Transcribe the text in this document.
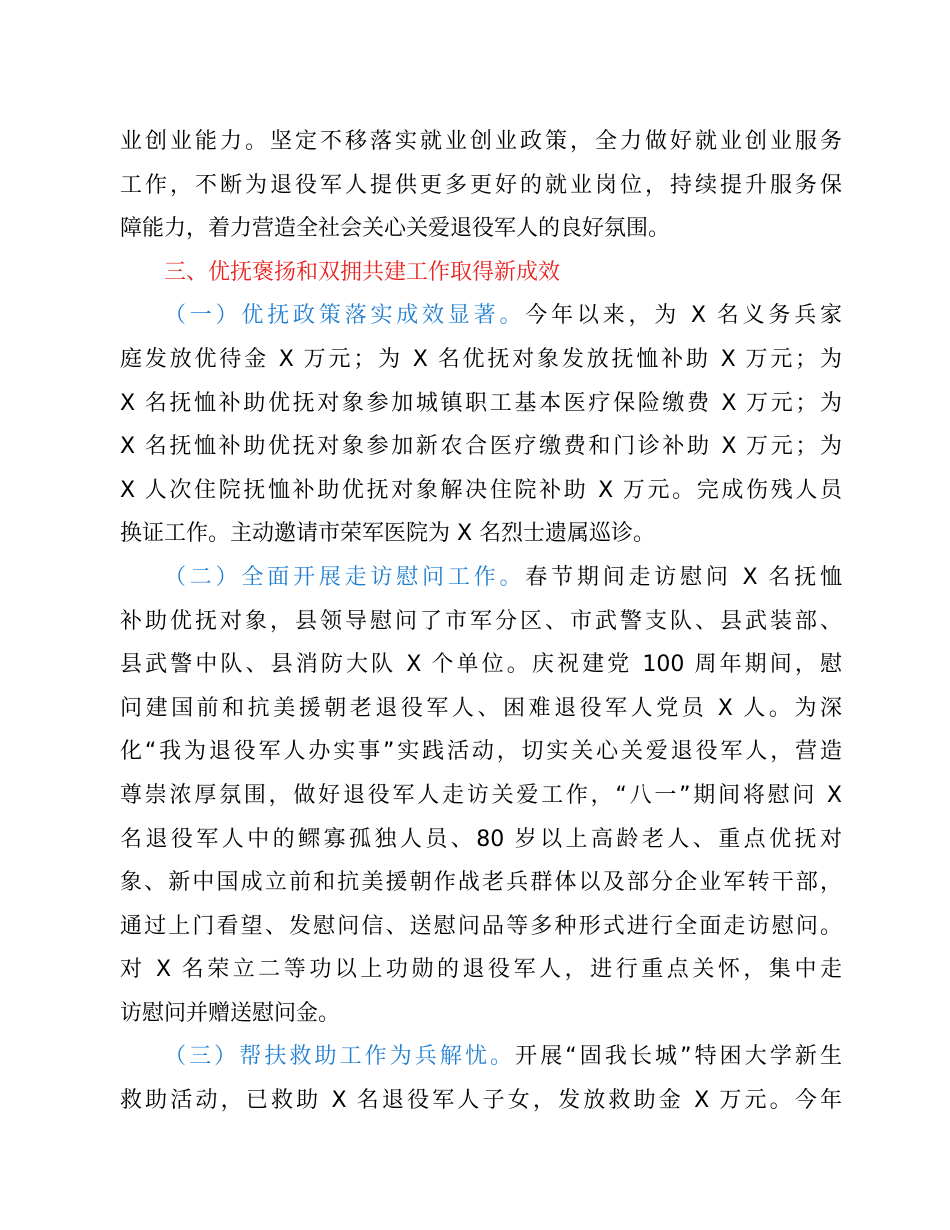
业创业能力。坚定不移落实就业创业政策，全力做好就业创业服务
工作，不断为退役军人提供更多更好的就业岗位，持续提升服务保
障能力，着力营造全社会关心关爱退役军人的良好氛围。
三、优抚褒扬和双拥共建工作取得新成效
（一）优抚政策落实成效显著。今年以来，为 X 名义务兵家
庭发放优待金 X 万元；为 X 名优抚对象发放抚恤补助 X 万元；为
X 名抚恤补助优抚对象参加城镇职工基本医疗保险缴费 X 万元；为
X 名抚恤补助优抚对象参加新农合医疗缴费和门诊补助 X 万元；为
X 人次住院抚恤补助优抚对象解决住院补助 X 万元。完成伤残人员
换证工作。主动邀请市荣军医院为 X 名烈士遗属巡诊。
（二）全面开展走访慰问工作。春节期间走访慰问 X 名抚恤
补助优抚对象，县领导慰问了市军分区、市武警支队、县武装部、
县武警中队、县消防大队 X 个单位。庆祝建党 100 周年期间，慰
问建国前和抗美援朝老退役军人、困难退役军人党员 X 人。为深
化“我为退役军人办实事”实践活动，切实关心关爱退役军人，营造
尊崇浓厚氛围，做好退役军人走访关爱工作，“八一”期间将慰问 X
名退役军人中的鳏寡孤独人员、80 岁以上高龄老人、重点优抚对
象、新中国成立前和抗美援朝作战老兵群体以及部分企业军转干部，
通过上门看望、发慰问信、送慰问品等多种形式进行全面走访慰问。
对 X 名荣立二等功以上功勋的退役军人，进行重点关怀，集中走
访慰问并赠送慰问金。
（三）帮扶救助工作为兵解忧。开展“固我长城”特困大学新生
救助活动，已救助 X 名退役军人子女，发放救助金 X 万元。今年
